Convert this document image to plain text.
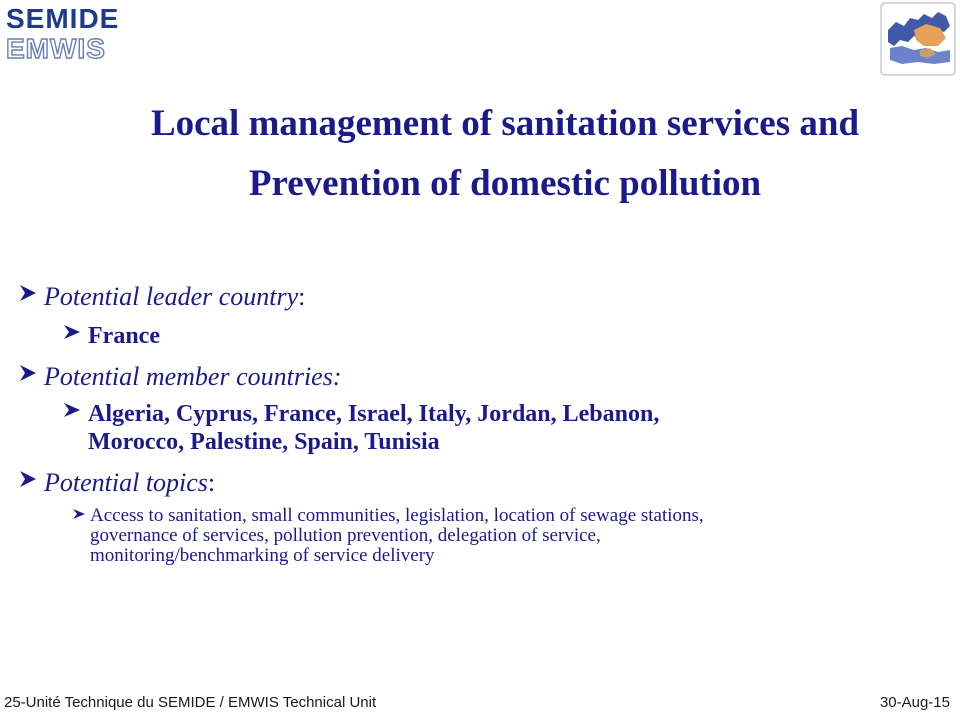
SEMIDE
EMWIS
Local management of sanitation services and
Prevention of domestic pollution
Potential leader country:
France
Potential member countries:
Algeria, Cyprus, France, Israel, Italy, Jordan, Lebanon,
Morocco, Palestine, Spain, Tunisia
Potential topics:
Access to sanitation, small communities, legislation, location of sewage stations,
governance of services, pollution prevention, delegation of service,
monitoring/benchmarking of service delivery
25-Unité Technique du SEMIDE / EMWIS Technical Unit	30-Aug-15
